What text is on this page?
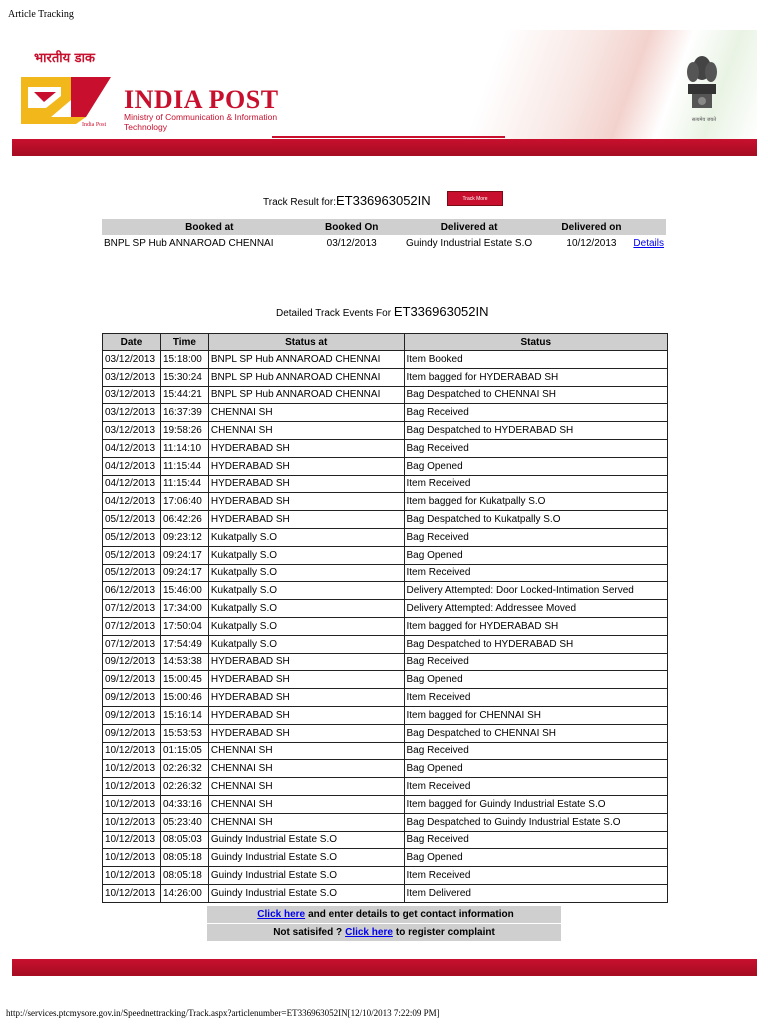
Article Tracking
भारतीय डाक
INDIA POST
Ministry of Communication & Information Technology
India Post
सत्यमेव जयते
Track Result for:ET336963052IN	Track More
Booked at	Booked On	Delivered at	Delivered on	
BNPL SP Hub ANNAROAD CHENNAI	03/12/2013	Guindy Industrial Estate S.O	10/12/2013	Details
Detailed Track Events For ET336963052IN
Date	Time	Status at	Status
03/12/2013	15:18:00	BNPL SP Hub ANNAROAD CHENNAI	Item Booked
03/12/2013	15:30:24	BNPL SP Hub ANNAROAD CHENNAI	Item bagged for HYDERABAD SH
03/12/2013	15:44:21	BNPL SP Hub ANNAROAD CHENNAI	Bag Despatched to CHENNAI SH
03/12/2013	16:37:39	CHENNAI SH	Bag Received
03/12/2013	19:58:26	CHENNAI SH	Bag Despatched to HYDERABAD SH
04/12/2013	11:14:10	HYDERABAD SH	Bag Received
04/12/2013	11:15:44	HYDERABAD SH	Bag Opened
04/12/2013	11:15:44	HYDERABAD SH	Item Received
04/12/2013	17:06:40	HYDERABAD SH	Item bagged for Kukatpally S.O
05/12/2013	06:42:26	HYDERABAD SH	Bag Despatched to Kukatpally S.O
05/12/2013	09:23:12	Kukatpally S.O	Bag Received
05/12/2013	09:24:17	Kukatpally S.O	Bag Opened
05/12/2013	09:24:17	Kukatpally S.O	Item Received
06/12/2013	15:46:00	Kukatpally S.O	Delivery Attempted: Door Locked-Intimation Served
07/12/2013	17:34:00	Kukatpally S.O	Delivery Attempted: Addressee Moved
07/12/2013	17:50:04	Kukatpally S.O	Item bagged for HYDERABAD SH
07/12/2013	17:54:49	Kukatpally S.O	Bag Despatched to HYDERABAD SH
09/12/2013	14:53:38	HYDERABAD SH	Bag Received
09/12/2013	15:00:45	HYDERABAD SH	Bag Opened
09/12/2013	15:00:46	HYDERABAD SH	Item Received
09/12/2013	15:16:14	HYDERABAD SH	Item bagged for CHENNAI SH
09/12/2013	15:53:53	HYDERABAD SH	Bag Despatched to CHENNAI SH
10/12/2013	01:15:05	CHENNAI SH	Bag Received
10/12/2013	02:26:32	CHENNAI SH	Bag Opened
10/12/2013	02:26:32	CHENNAI SH	Item Received
10/12/2013	04:33:16	CHENNAI SH	Item bagged for Guindy Industrial Estate S.O
10/12/2013	05:23:40	CHENNAI SH	Bag Despatched to Guindy Industrial Estate S.O
10/12/2013	08:05:03	Guindy Industrial Estate S.O	Bag Received
10/12/2013	08:05:18	Guindy Industrial Estate S.O	Bag Opened
10/12/2013	08:05:18	Guindy Industrial Estate S.O	Item Received
10/12/2013	14:26:00	Guindy Industrial Estate S.O	Item Delivered
Click here and enter details to get contact information
Not satisifed ? Click here to register complaint
http://services.ptcmysore.gov.in/Speednettracking/Track.aspx?articlenumber=ET336963052IN[12/10/2013 7:22:09 PM]
